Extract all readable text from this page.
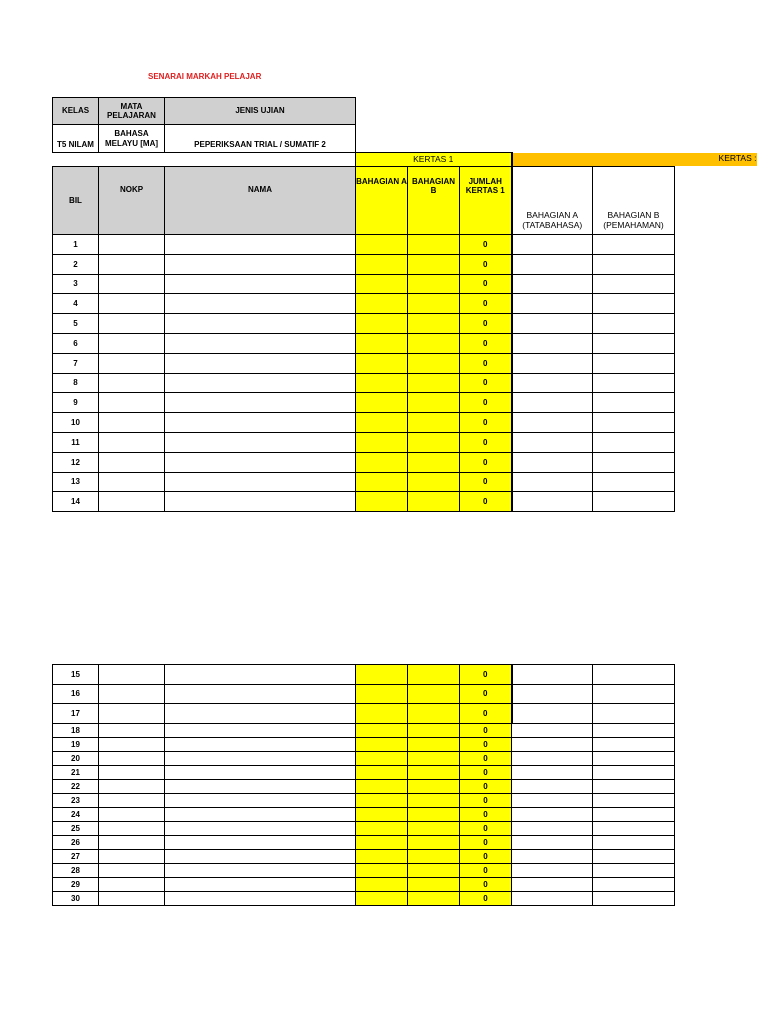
SENARAI MARKAH PELAJAR
KELAS	MATA PELAJARAN	JENIS UJIAN						
T5 NILAM	BAHASA MELAYU [MA]	PEPERIKSAAN TRIAL / SUMATIF 2						
			KERTAS 1			KERTAS :		
BIL	NOKP	NAMA	BAHAGIAN A	BAHAGIAN B	JUMLAH KERTAS 1	BAHAGIAN A (TATABAHASA)	BAHAGIAN B (PEMAHAMAN)	
1					0			
2					0			
3					0			
4					0			
5					0			
6					0			
7					0			
8					0			
9					0			
10					0			
11					0			
12					0			
13					0			
14					0			
15					0		
16					0		
17					0		
18					0		
19					0		
20					0		
21					0		
22					0		
23					0		
24					0		
25					0		
26					0		
27					0		
28					0		
29					0		
30					0		
